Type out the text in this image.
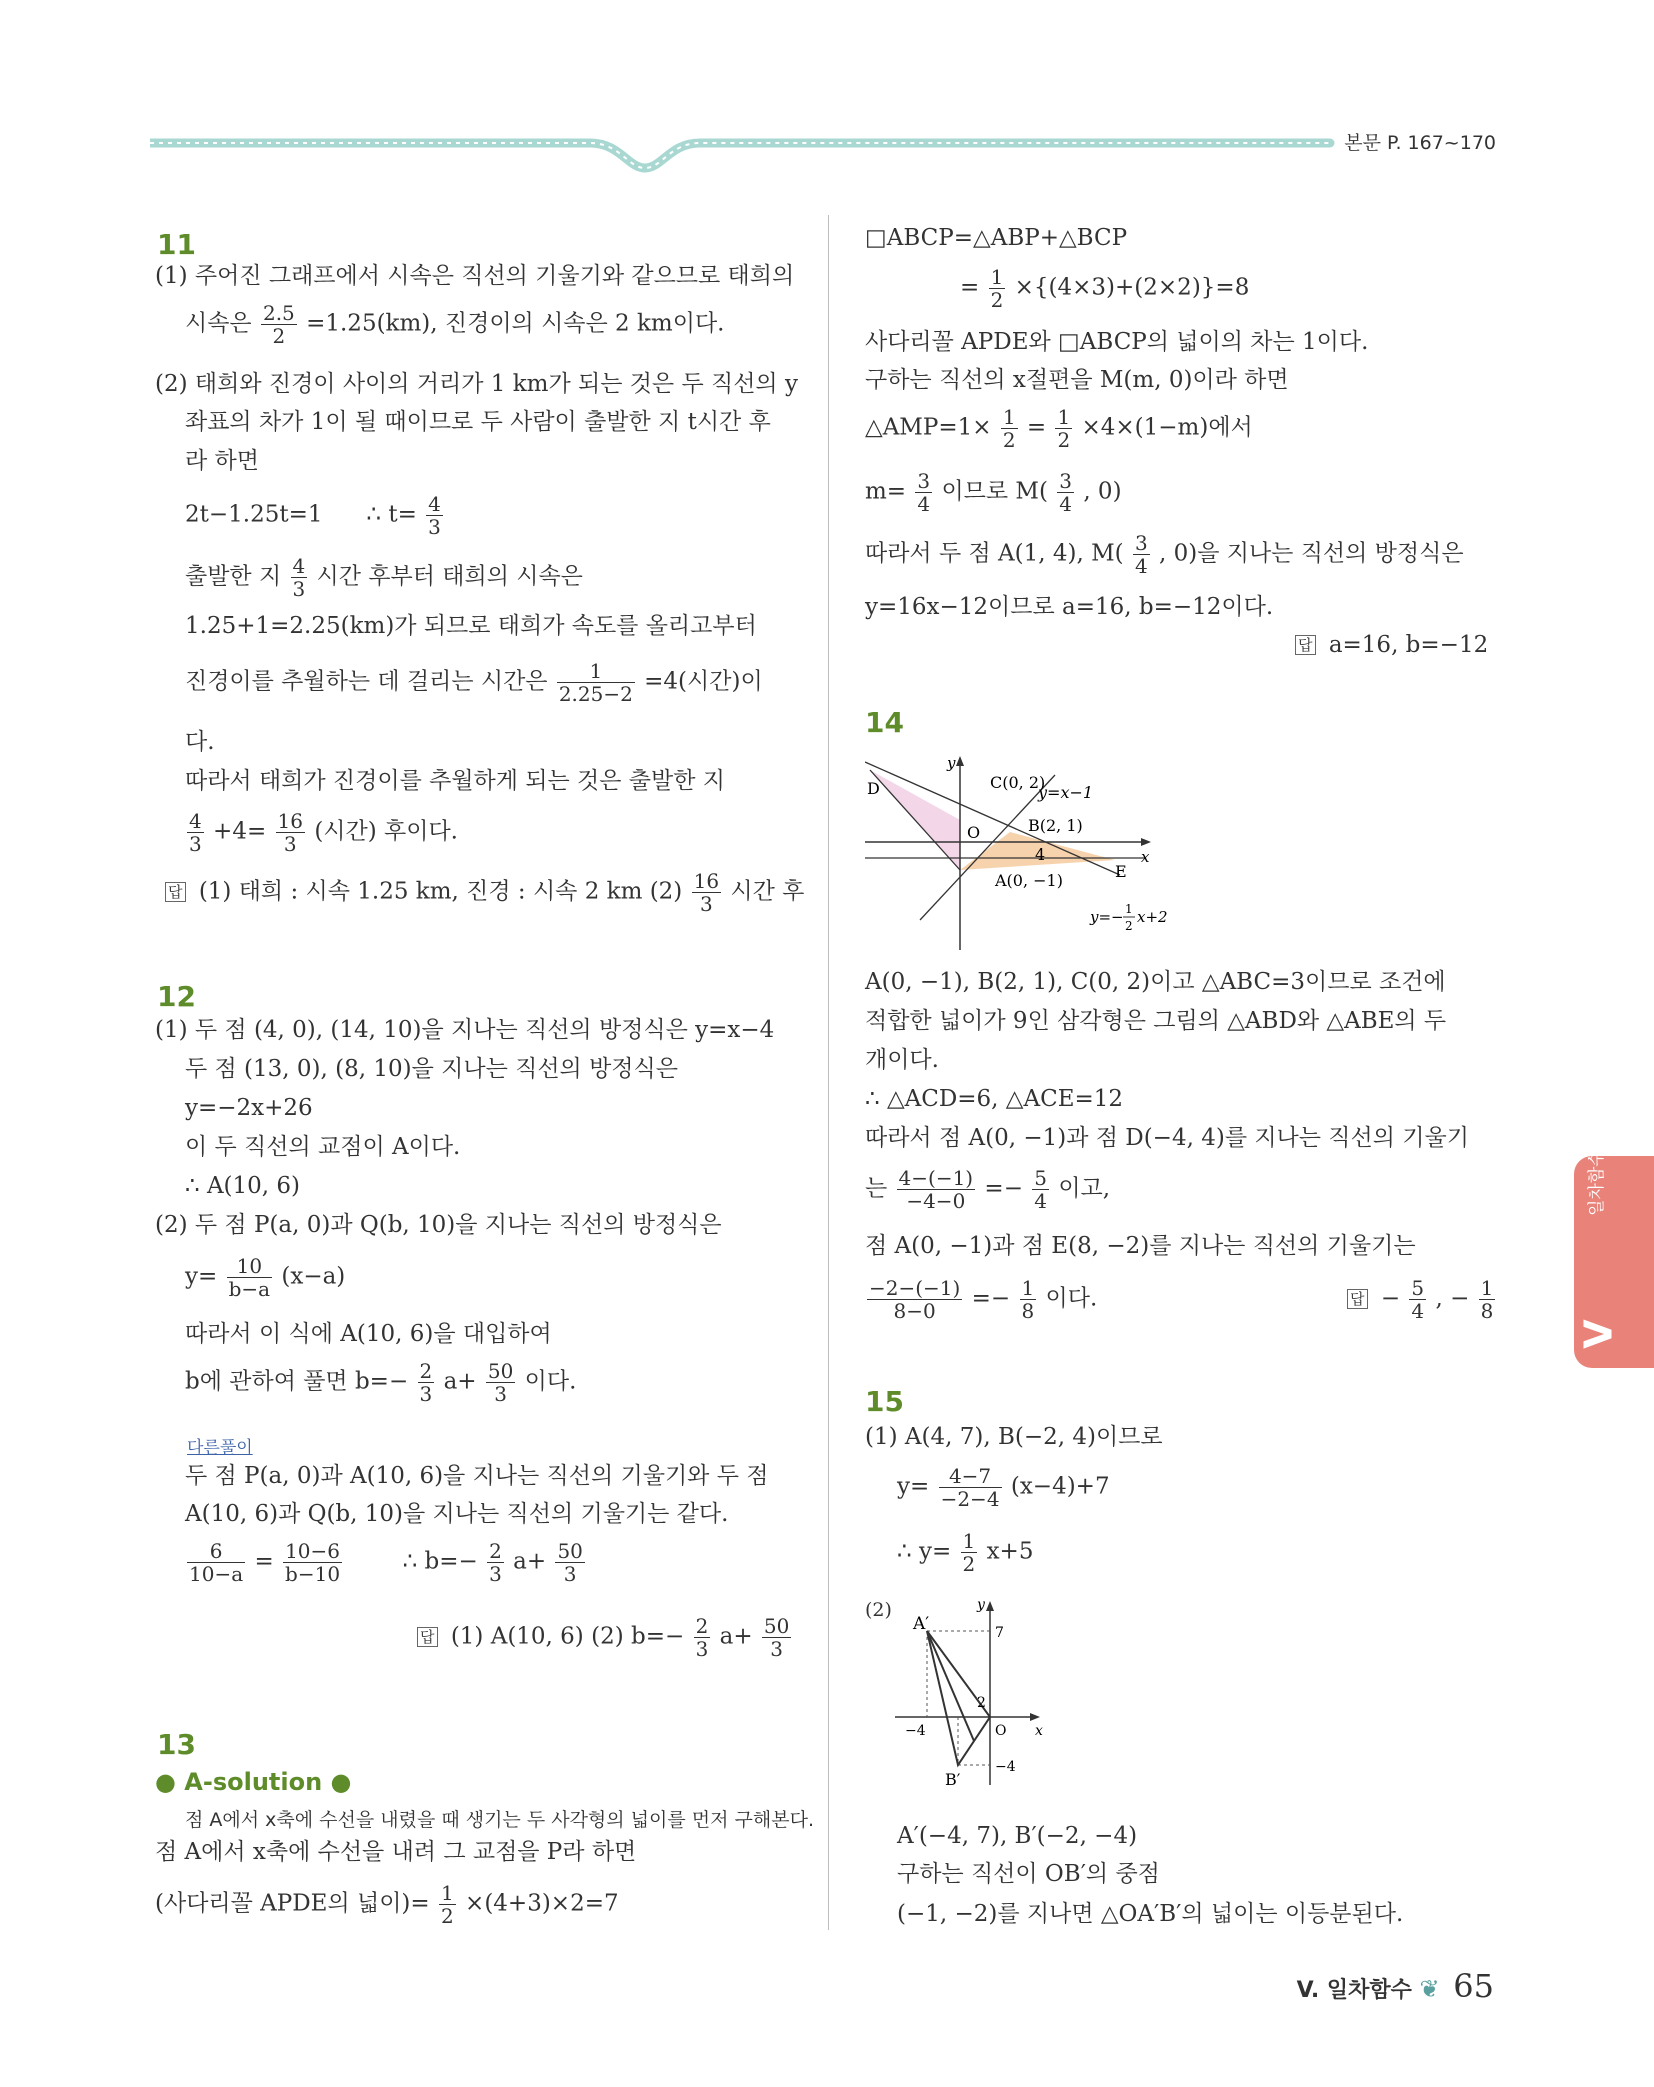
본문 P. 167~170
11
(1) 주어진 그래프에서 시속은 직선의 기울기와 같으므로 태희의
시속은 $\frac{2.5}{2} =1.25(km)$, 진경이의 시속은 2 km이다.
(2) 태희와 진경이 사이의 거리가 1 km가 되는 것은 두 직선의 y
좌표의 차가 1이 될 때이므로 두 사람이 출발한 지 t시간 후
라 하면
2t−1.25t=1 ∴ $t= \frac{4}{3}$
출발한 지 $\frac{4}{3}$ 시간 후부터 태희의 시속은
1.25+1=2.25(km)가 되므로 태희가 속도를 올리고부터
진경이를 추월하는 데 걸리는 시간은 $\frac{1}{2.25-2} =4$(시간)이
다.
따라서 태희가 진경이를 추월하게 되는 것은 출발한 지
$\frac{4}{3} +4= \frac{16}{3}$ (시간) 후이다.
답 (1) 태희 : 시속 1.25 km, 진경 : 시속 2 km $(2) \frac{16}{3}$ 시간 후
12
(1) 두 점 (4, 0), (14, 10)을 지나는 직선의 방정식은 y=x−4
두 점 (13, 0), (8, 10)을 지나는 직선의 방정식은
y=−2x+26
이 두 직선의 교점이 A이다.
∴ A(10, 6)
(2) 두 점 P(a, 0)과 Q(b, 10)을 지나는 직선의 방정식은
$y= \frac{10}{b-a} (x-a)$
따라서 이 식에 A(10, 6)을 대입하여
b에 관하여 풀면 $b=- \frac{2}{3} a+ \frac{50}{3}$ 이다.
다른풀이
두 점 P(a, 0)과 A(10, 6)을 지나는 직선의 기울기와 두 점
A(10, 6)과 Q(b, 10)을 지나는 직선의 기울기는 같다.
$\frac{6}{10-a} = \frac{10-6}{b-10}$	∴ $b=- \frac{2}{3} a+ \frac{50}{3}$
답 (1) A(10, 6) (2) $b=- \frac{2}{3} a+ \frac{50}{3}$
13
● A-solution ●
점 A에서 x축에 수선을 내렸을 때 생기는 두 사각형의 넓이를 먼저 구해본다.
점 A에서 x축에 수선을 내려 그 교점을 P라 하면
(사다리꼴 APDE의 넓이)= $\frac{1}{2} \times(4+3)\times 2=7$
□ABCP=△ABP+△BCP
= $\frac{1}{2} \times\{(4\times 3)+(2\times 2)\}=8$
사다리꼴 APDE와 □ABCP의 넓이의 차는 1이다.
구하는 직선의 x절편을 M(m, 0)이라 하면
△AMP=1× $\frac{1}{2} = \frac{1}{2} \times 4\times(1-m)$에서
$m= \frac{3}{4}$ 이므로 $M( \frac{3}{4}$ , 0)
따라서 두 점 A(1, 4), $M( \frac{3}{4}$ , 0)을 지나는 직선의 방정식은
y=16x−12이므로 a=16, b=−12이다.
답 a=16, b=−12
14
C(0, 2)
y=x−1
D
B(2, 1)
O
y
x
4
E
A(0, −1)
y=− 1
2 x+2
A(0, −1), B(2, 1), C(0, 2)이고 △ABC=3이므로 조건에
적합한 넓이가 9인 삼각형은 그림의 △ABD와 △ABE의 두
개이다.
∴ △ACD=6, △ACE=12
따라서 점 A(0, −1)과 점 D(−4, 4)를 지나는 직선의 기울기
는 $\frac{4-(-1)}{-4-0} =- \frac{5}{4}$ 이고,
점 A(0, −1)과 점 E(8, −2)를 지나는 직선의 기울기는
$\frac{-2-(-1)}{8-0} =- \frac{1}{8}$ 이다.	답 − $\frac{5}{4}$ , − $\frac{1}{8}$
15
(1) A(4, 7), B(−2, 4)이므로
$y= \frac{4-7}{-2-4} (x-4)+7$
∴ $y= \frac{1}{2} x+5$
(2)
A′
y
7
2
−4	O x
B′
−4
A′(−4, 7), B′(−2, −4)
구하는 직선이 OB′의 중점
(−1, −2)를 지나면 △OA′B′의 넓이는 이등분된다.
일차함수
V
V. 일차함수 ❦ 65
